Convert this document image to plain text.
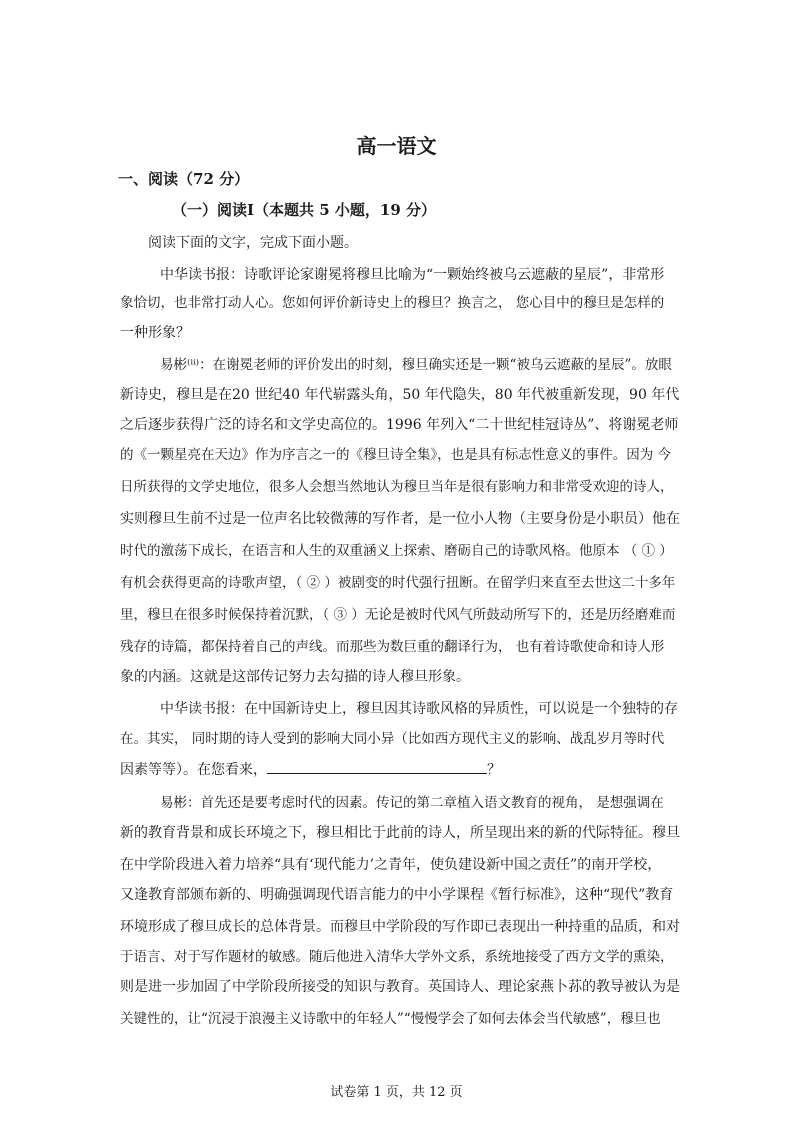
高一语文
一、阅读（72 分）
（一）阅读Ⅰ（本题共 5 小题，19 分）

阅读下面的文字，完成下面小题。

中华读书报：诗歌评论家谢冕将穆旦比喻为“一颗始终被乌云遮蔽的星辰”，非常形

象恰切，也非常打动人心。您如何评价新诗史上的穆旦？换言之， 您心目中的穆旦是怎样的

一种形象？

易彬⁽ⁱⁱ⁾：在谢冕老师的评价发出的时刻，穆旦确实还是一颗“被乌云遮蔽的星辰”。放眼

新诗史，穆旦是在20 世纪40 年代崭露头角，50 年代隐失，80 年代被重新发现，90 年代

之后逐步获得广泛的诗名和文学史高位的。1996 年列入“二十世纪桂冠诗丛”、将谢冕老师

的《一颗星亮在天边》作为序言之一的《穆旦诗全集》，也是具有标志性意义的事件。因为 今

日所获得的文学史地位，很多人会想当然地认为穆旦当年是很有影响力和非常受欢迎的诗人，

实则穆旦生前不过是一位声名比较微薄的写作者，是一位小人物（主要身份是小职员）他在

时代的激荡下成长，在语言和人生的双重涵义上探索、磨砺自己的诗歌风格。他原本 （ ① ）

有机会获得更高的诗歌声望，（ ② ）被剧变的时代强行扭断。在留学归来直至去世这二十多年

里，穆旦在很多时候保持着沉默，（ ③ ）无论是被时代风气所鼓动所写下的，还是历经磨难而

残存的诗篇，都保持着自己的声线。而那些为数巨重的翻译行为， 也有着诗歌使命和诗人形

象的内涵。这就是这部传记努力去勾描的诗人穆旦形象。

中华读书报：在中国新诗史上，穆旦因其诗歌风格的异质性，可以说是一个独特的存

在。其实， 同时期的诗人受到的影响大同小异（比如西方现代主义的影响、战乱岁月等时代

因素等等）。在您看来，	？

易彬：首先还是要考虑时代的因素。传记的第二章植入语文教育的视角， 是想强调在

新的教育背景和成长环境之下，穆旦相比于此前的诗人，所呈现出来的新的代际特征。穆旦

在中学阶段进入着力培养“具有‘现代能力’之青年，使负建设新中国之责任”的南开学校，

又逢教育部颁布新的、明确强调现代语言能力的中小学课程《暂行标准》，这种“现代”教育

环境形成了穆旦成长的总体背景。而穆旦中学阶段的写作即已表现出一种持重的品质，和对

于语言、对于写作题材的敏感。随后他进入清华大学外文系，系统地接受了西方文学的熏染，

则是进一步加固了中学阶段所接受的知识与教育。英国诗人、理论家燕卜荪的教导被认为是

关键性的，让“沉浸于浪漫主义诗歌中的年轻人”“慢慢学会了如何去体会当代敏感”，穆旦也

试卷第 1 页，共 12 页
